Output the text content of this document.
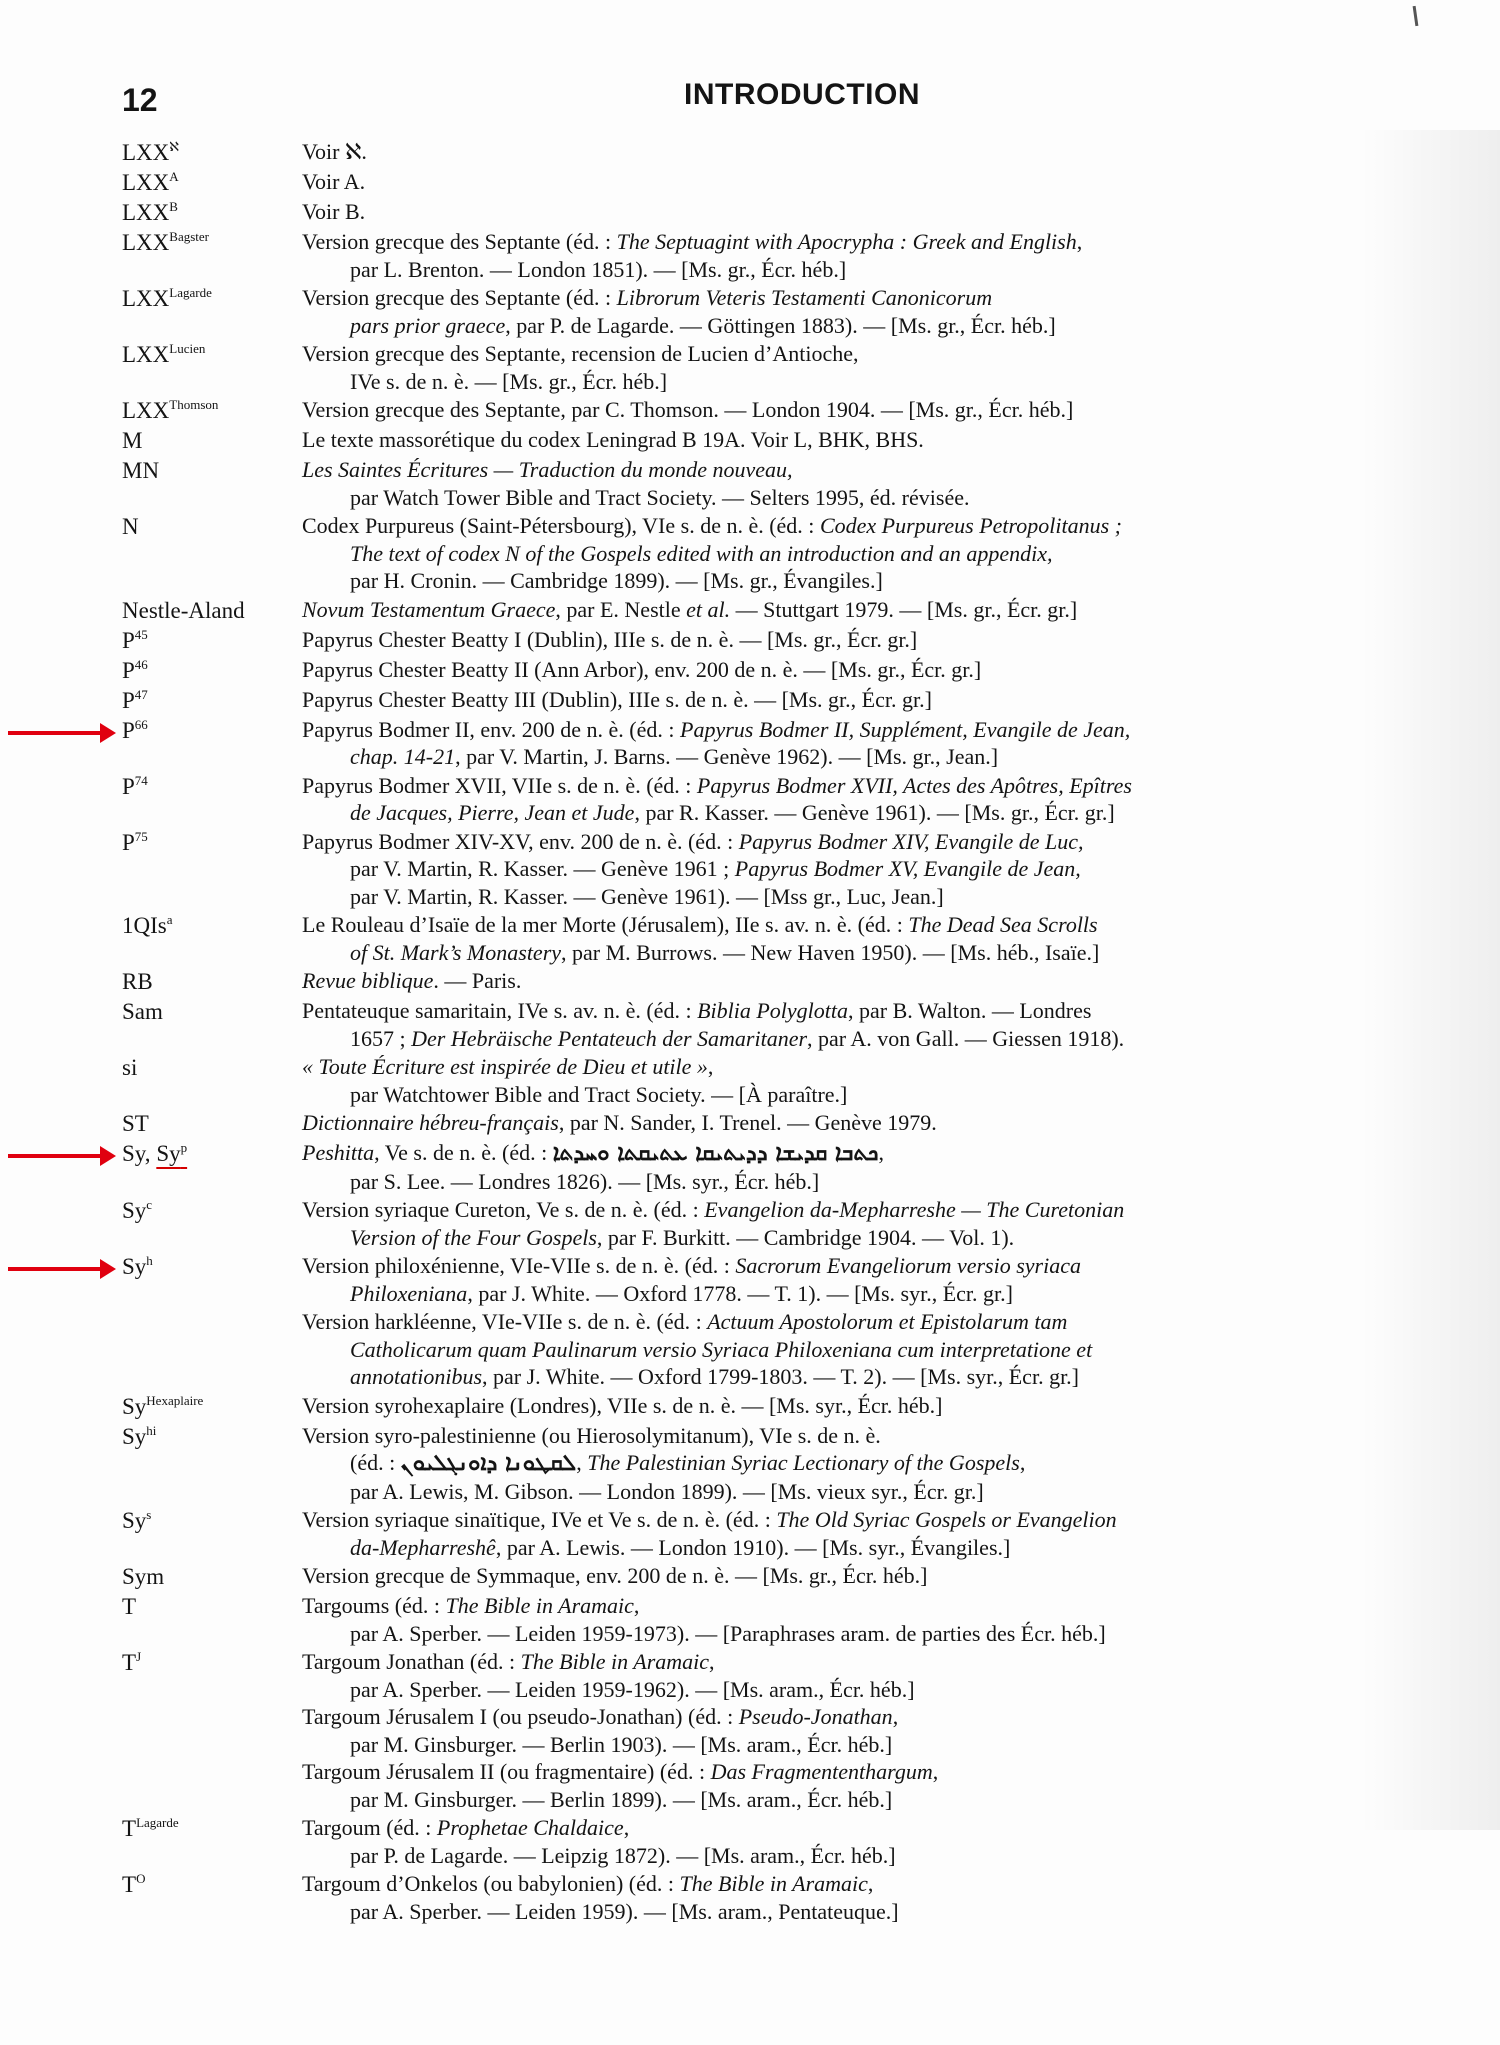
12	INTRODUCTION
$LXX^ℵ$	Voir ℵ.
$LXX^A$	Voir A.
$LXX^B$	Voir B.
$LXX^{Bagster}$	Version grecque des Septante (éd. : The Septuagint with Apocrypha : Greek and English,
par L. Brenton. — London 1851). — [Ms. gr., Écr. héb.]
$LXX^{Lagarde}$	Version grecque des Septante (éd. : Librorum Veteris Testamenti Canonicorum
pars prior graece, par P. de Lagarde. — Göttingen 1883). — [Ms. gr., Écr. héb.]
$LXX^{Lucien}$	Version grecque des Septante, recension de Lucien d’Antioche,
IVe s. de n. è. — [Ms. gr., Écr. héb.]
$LXX^{Thomson}$	Version grecque des Septante, par C. Thomson. — London 1904. — [Ms. gr., Écr. héb.]
M	Le texte massorétique du codex Leningrad B 19A. Voir L, BHK, BHS.
MN	Les Saintes Écritures — Traduction du monde nouveau,
par Watch Tower Bible and Tract Society. — Selters 1995, éd. révisée.
N	Codex Purpureus (Saint-Pétersbourg), VIe s. de n. è. (éd. : Codex Purpureus Petropolitanus ;
The text of codex N of the Gospels edited with an introduction and an appendix,
par H. Cronin. — Cambridge 1899). — [Ms. gr., Évangiles.]
Nestle-Aland	Novum Testamentum Graece, par E. Nestle et al. — Stuttgart 1979. — [Ms. gr., Écr. gr.]
$P^{45}$	Papyrus Chester Beatty I (Dublin), IIIe s. de n. è. — [Ms. gr., Écr. gr.]
$P^{46}$	Papyrus Chester Beatty II (Ann Arbor), env. 200 de n. è. — [Ms. gr., Écr. gr.]
$P^{47}$	Papyrus Chester Beatty III (Dublin), IIIe s. de n. è. — [Ms. gr., Écr. gr.]
$P^{66}$	Papyrus Bodmer II, env. 200 de n. è. (éd. : Papyrus Bodmer II, Supplément, Evangile de Jean,
chap. 14-21, par V. Martin, J. Barns. — Genève 1962). — [Ms. gr., Jean.]
$P^{74}$	Papyrus Bodmer XVII, VIIe s. de n. è. (éd. : Papyrus Bodmer XVII, Actes des Apôtres, Epîtres
de Jacques, Pierre, Jean et Jude, par R. Kasser. — Genève 1961). — [Ms. gr., Écr. gr.]
$P^{75}$	Papyrus Bodmer XIV-XV, env. 200 de n. è. (éd. : Papyrus Bodmer XIV, Evangile de Luc,
par V. Martin, R. Kasser. — Genève 1961 ; Papyrus Bodmer XV, Evangile de Jean,
par V. Martin, R. Kasser. — Genève 1961). — [Mss gr., Luc, Jean.]
1QIs$^a$	Le Rouleau d’Isaïe de la mer Morte (Jérusalem), IIe s. av. n. è. (éd. : The Dead Sea Scrolls
of St. Mark’s Monastery, par M. Burrows. — New Haven 1950). — [Ms. héb., Isaïe.]
RB	Revue biblique. — Paris.
Sam	Pentateuque samaritain, IVe s. av. n. è. (éd. : Biblia Polyglotta, par B. Walton. — Londres
1657 ; Der Hebräische Pentateuch der Samaritaner, par A. von Gall. — Giessen 1918).
si	« Toute Écriture est inspirée de Dieu et utile »,
par Watchtower Bible and Tract Society. — [À paraître.]
ST	Dictionnaire hébreu-français, par N. Sander, I. Trenel. — Genève 1979.
Sy, Sy$^p$	Peshitta, Ve s. de n. è. (éd. : ܟܬܒܐ ܩܕܝܫܐ ܕܕܝܬܝܩܐ ܥܬܝܩܬܐ ܘܚܕܬܐ,
par S. Lee. — Londres 1826). — [Ms. syr., Écr. héb.]
Sy$^c$	Version syriaque Cureton, Ve s. de n. è. (éd. : Evangelion da-Mepharreshe — The Curetonian
Version of the Four Gospels, par F. Burkitt. — Cambridge 1904. — Vol. 1).
Sy$^h$	Version philoxénienne, VIe-VIIe s. de n. è. (éd. : Sacrorum Evangeliorum versio syriaca
Philoxeniana, par J. White. — Oxford 1778. — T. 1). — [Ms. syr., Écr. gr.]
Version harkléenne, VIe-VIIe s. de n. è. (éd. : Actuum Apostolorum et Epistolarum tam
Catholicarum quam Paulinarum versio Syriaca Philoxeniana cum interpretatione et
annotationibus, par J. White. — Oxford 1799-1803. — T. 2). — [Ms. syr., Écr. gr.]
$Sy^{Hexaplaire}$	Version syrohexaplaire (Londres), VIIe s. de n. è. — [Ms. syr., Écr. héb.]
$Sy^{hi}$	Version syro-palestinienne (ou Hierosolymitanum), VIe s. de n. è.
(éd. : ܠܩܛܘܢܐ ܕܐܘܢܓܠܝܘܢ, The Palestinian Syriac Lectionary of the Gospels,
par A. Lewis, M. Gibson. — London 1899). — [Ms. vieux syr., Écr. gr.]
Sy$^s$	Version syriaque sinaïtique, IVe et Ve s. de n. è. (éd. : The Old Syriac Gospels or Evangelion
da-Mepharreshê, par A. Lewis. — London 1910). — [Ms. syr., Évangiles.]
Sym	Version grecque de Symmaque, env. 200 de n. è. — [Ms. gr., Écr. héb.]
T	Targoums (éd. : The Bible in Aramaic,
par A. Sperber. — Leiden 1959-1973). — [Paraphrases aram. de parties des Écr. héb.]
$T^J$	Targoum Jonathan (éd. : The Bible in Aramaic,
par A. Sperber. — Leiden 1959-1962). — [Ms. aram., Écr. héb.]
Targoum Jérusalem I (ou pseudo-Jonathan) (éd. : Pseudo-Jonathan,
par M. Ginsburger. — Berlin 1903). — [Ms. aram., Écr. héb.]
Targoum Jérusalem II (ou fragmentaire) (éd. : Das Fragmententhargum,
par M. Ginsburger. — Berlin 1899). — [Ms. aram., Écr. héb.]
$T^{Lagarde}$	Targoum (éd. : Prophetae Chaldaice,
par P. de Lagarde. — Leipzig 1872). — [Ms. aram., Écr. héb.]
$T^O$	Targoum d’Onkelos (ou babylonien) (éd. : The Bible in Aramaic,
par A. Sperber. — Leiden 1959). — [Ms. aram., Pentateuque.]
